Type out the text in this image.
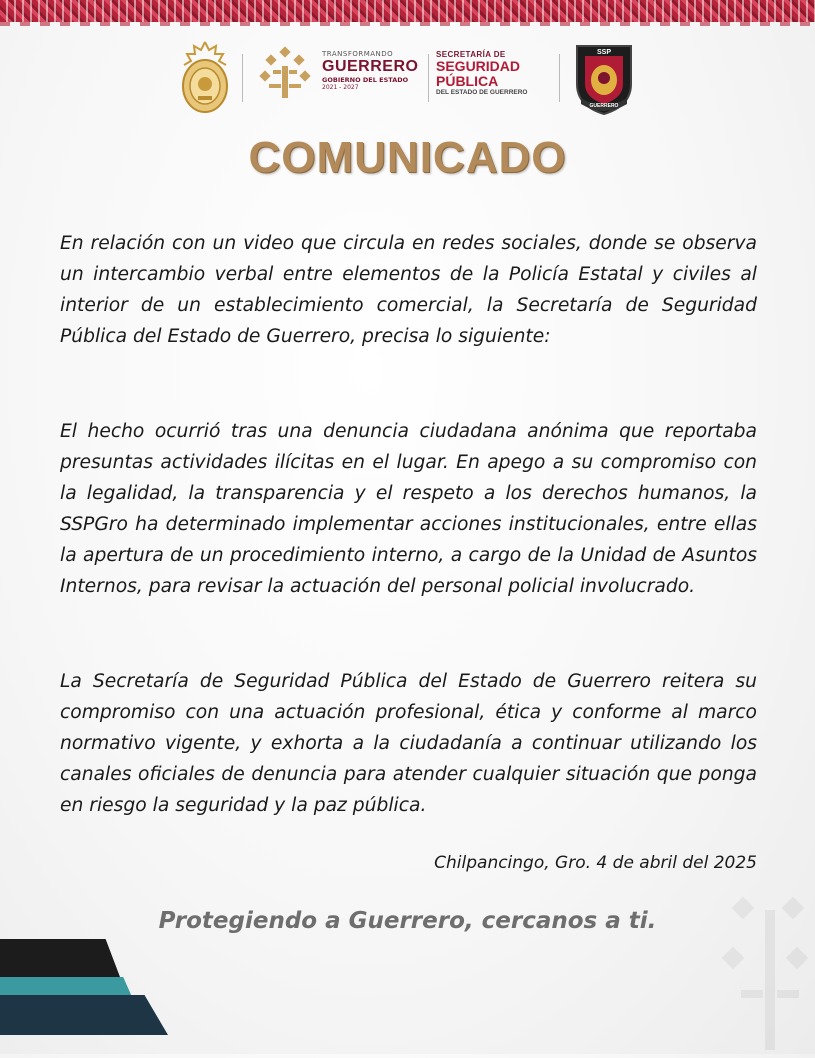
TRANSFORMANDO
GUERRERO
GOBIERNO DEL ESTADO
2021 - 2027
SECRETARÍA DE
SEGURIDAD
PÚBLICA
DEL ESTADO DE GUERRERO
SSP
GUERRERO
COMUNICADO

En relación con un video que circula en redes sociales, donde se observa un intercambio verbal entre elementos de la Policía Estatal y civiles al interior de un establecimiento comercial, la Secretaría de Seguridad Pública del Estado de Guerrero, precisa lo siguiente:

El hecho ocurrió tras una denuncia ciudadana anónima que reportaba presuntas actividades ilícitas en el lugar. En apego a su compromiso con la legalidad, la transparencia y el respeto a los derechos humanos, la SSPGro ha determinado implementar acciones institucionales, entre ellas la apertura de un procedimiento interno, a cargo de la Unidad de Asuntos Internos, para revisar la actuación del personal policial involucrado.

La Secretaría de Seguridad Pública del Estado de Guerrero reitera su compromiso con una actuación profesional, ética y conforme al marco normativo vigente, y exhorta a la ciudadanía a continuar utilizando los canales oficiales de denuncia para atender cualquier situación que ponga en riesgo la seguridad y la paz pública.

Chilpancingo, Gro. 4 de abril del 2025
Protegiendo a Guerrero, cercanos a ti.
